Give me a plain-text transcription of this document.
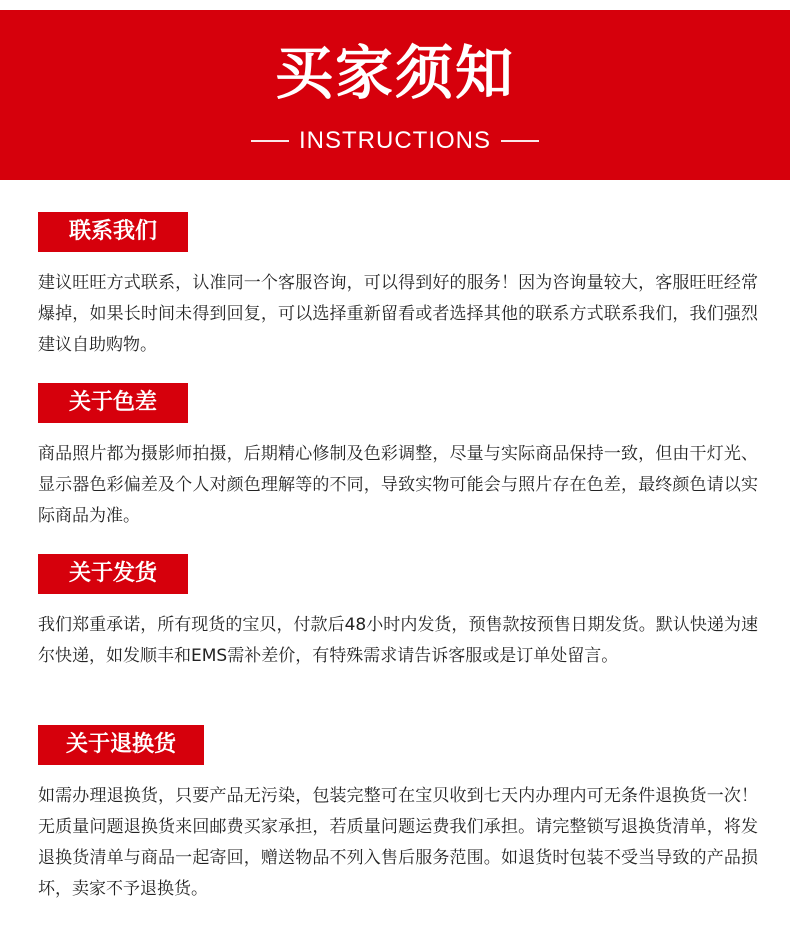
买家须知
INSTRUCTIONS
联系我们
建议旺旺方式联系，认准同一个客服咨询，可以得到好的服务！因为咨询量较大，客服旺旺经常爆掉，如果长时间未得到回复，可以选择重新留看或者选择其他的联系方式联系我们，我们强烈建议自助购物。
关于色差
商品照片都为摄影师拍摄，后期精心修制及色彩调整，尽量与实际商品保持一致，但由干灯光、显示器色彩偏差及个人对颜色理解等的不同，导致实物可能会与照片存在色差，最终颜色请以实际商品为准。
关于发货
我们郑重承诺，所有现货的宝贝，付款后48小时内发货，预售款按预售日期发货。默认快递为速尔快递，如发顺丰和EMS需补差价，有特殊需求请告诉客服或是订单处留言。
关于退换货
如需办理退换货，只要产品无污染，包装完整可在宝贝收到七天内办理内可无条件退换货一次！无质量问题退换货来回邮费买家承担，若质量问题运费我们承担。请完整锁写退换货清单，将发退换货清单与商品一起寄回，赠送物品不列入售后服务范围。如退货时包装不受当导致的产品损坏，卖家不予退换货。
